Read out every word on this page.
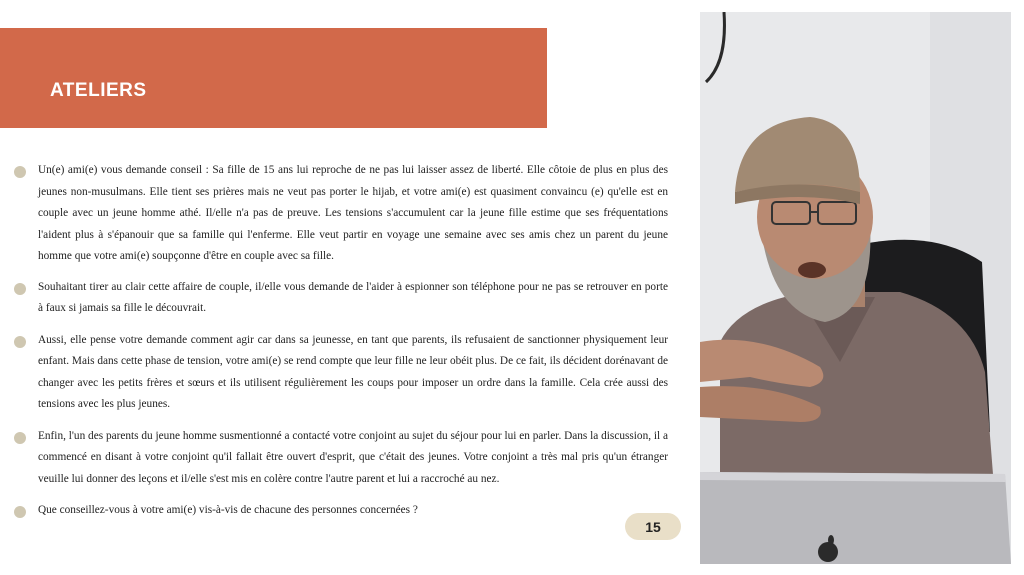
ATELIERS

Un(e) ami(e) vous demande conseil : Sa fille de 15 ans lui reproche de ne pas lui laisser assez de liberté. Elle côtoie de plus en plus des jeunes non-musulmans. Elle tient ses prières mais ne veut pas porter le hijab, et votre ami(e) est quasiment convaincu (e) qu'elle est en couple avec un jeune homme athé. Il/elle n'a pas de preuve. Les tensions s'accumulent car la jeune fille estime que ses fréquentations l'aident plus à s'épanouir que sa famille qui l'enferme. Elle veut partir en voyage une semaine avec ses amis chez un parent du jeune homme que votre ami(e) soupçonne d'être en couple avec sa fille.

Souhaitant tirer au clair cette affaire de couple, il/elle vous demande de l'aider à espionner son téléphone pour ne pas se retrouver en porte à faux si jamais sa fille le découvrait.

Aussi, elle pense votre demande comment agir car dans sa jeunesse, en tant que parents, ils refusaient de sanctionner physiquement leur enfant. Mais dans cette phase de tension, votre ami(e) se rend compte que leur fille ne leur obéit plus. De ce fait, ils décident dorénavant de changer avec les petits frères et sœurs et ils utilisent régulièrement les coups pour imposer un ordre dans la famille. Cela crée aussi des tensions avec les plus jeunes.

Enfin, l'un des parents du jeune homme susmentionné a contacté votre conjoint au sujet du séjour pour lui en parler. Dans la discussion, il a commencé en disant à votre conjoint qu'il fallait être ouvert d'esprit, que c'était des jeunes. Votre conjoint a très mal pris qu'un étranger veuille lui donner des leçons et il/elle s'est mis en colère contre l'autre parent et lui a raccroché au nez.

Que conseillez-vous à votre ami(e) vis-à-vis de chacune des personnes concernées ?

15
